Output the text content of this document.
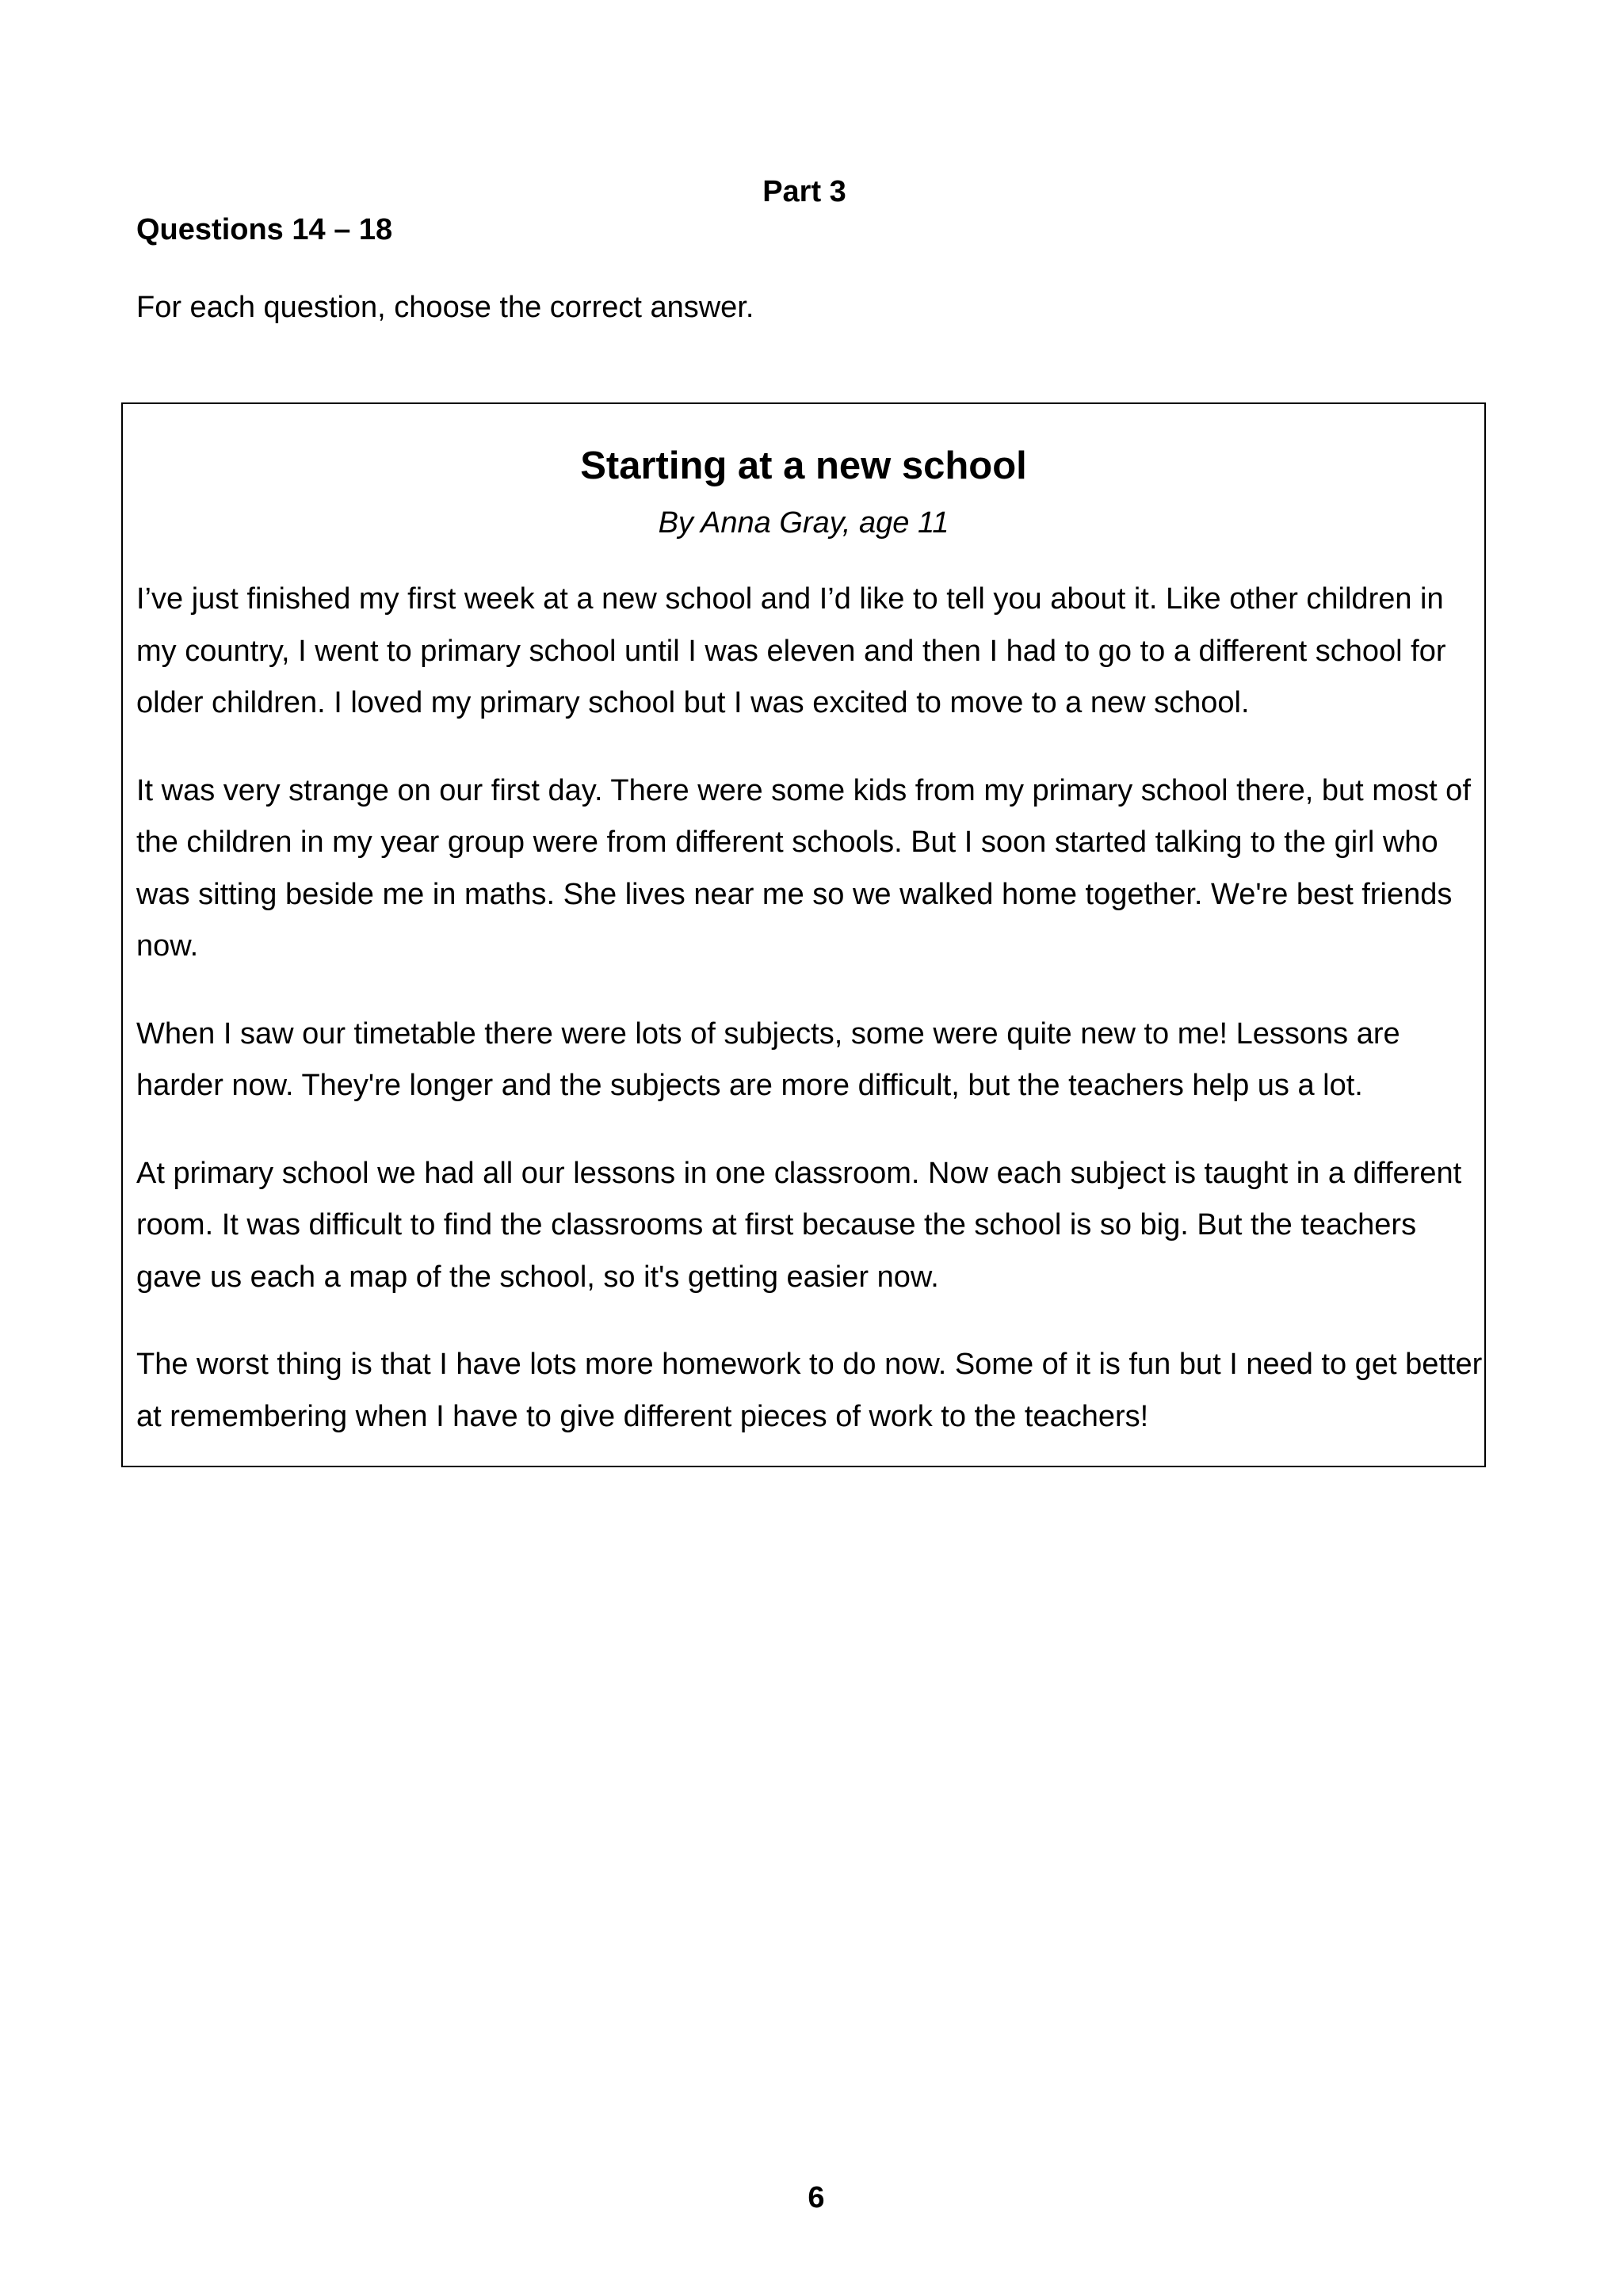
Part 3
Questions 14 – 18
For each question, choose the correct answer.
Starting at a new school
By Anna Gray, age 11

I’ve just finished my first week at a new school and I’d like to tell you about it. Like other children in my country, I went to primary school until I was eleven and then I had to go to a different school for older children. I loved my primary school but I was excited to move to a new school.

It was very strange on our first day. There were some kids from my primary school there, but most of the children in my year group were from different schools. But I soon started talking to the girl who was sitting beside me in maths. She lives near me so we walked home together. We're best friends now.

When I saw our timetable there were lots of subjects, some were quite new to me! Lessons are harder now. They're longer and the subjects are more difficult, but the teachers help us a lot.

At primary school we had all our lessons in one classroom. Now each subject is taught in a different room. It was difficult to find the classrooms at first because the school is so big. But the teachers gave us each a map of the school, so it's getting easier now.

The worst thing is that I have lots more homework to do now. Some of it is fun but I need to get better at remembering when I have to give different pieces of work to the teachers!

6
